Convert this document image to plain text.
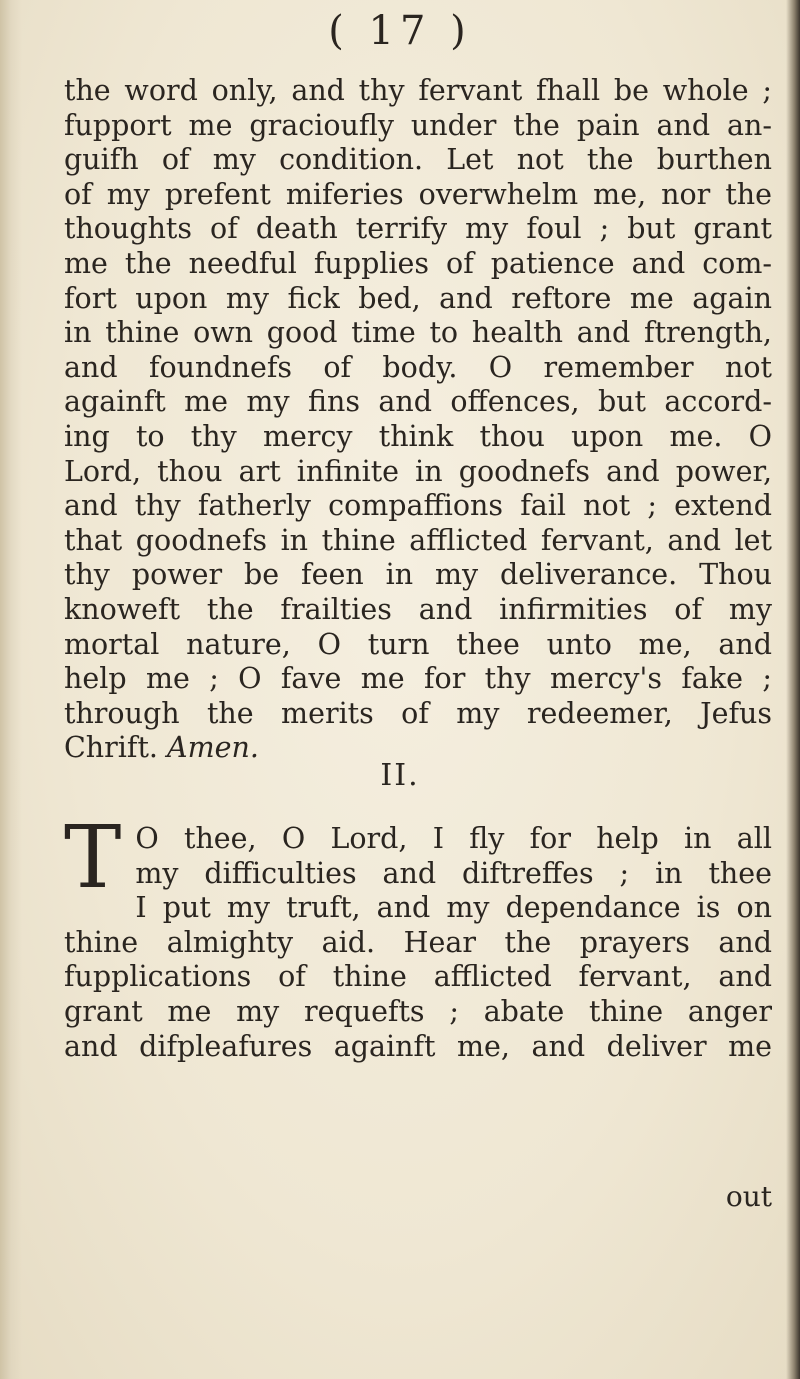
( 17 )
the word only, and thy fervant fhall be whole ;
fupport me gracioufly under the pain and an-
guifh of my condition. Let not the burthen
of my prefent miferies overwhelm me, nor the
thoughts of death terrify my foul ; but grant
me the needful fupplies of patience and com-
fort upon my fick bed, and reftore me again
in thine own good time to health and ftrength,
and foundnefs of body. O remember not
againft me my fins and offences, but accord-
ing to thy mercy think thou upon me. O
Lord, thou art infinite in goodnefs and power,
and thy fatherly compaffions fail not ; extend
that goodnefs in thine afflicted fervant, and let
thy power be feen in my deliverance. Thou
knoweft the frailties and infirmities of my
mortal nature, O turn thee unto me, and
help me ; O fave me for thy mercy's fake ;
through the merits of my redeemer, Jefus
Chrift. Amen.
II.
T O thee, O Lord, I fly for help in all
my difficulties and diftreffes ; in thee
I put my truft, and my dependance is on
thine almighty aid. Hear the prayers and
fupplications of thine afflicted fervant, and
grant me my requefts ; abate thine anger
and difpleafures againft me, and deliver me
out
